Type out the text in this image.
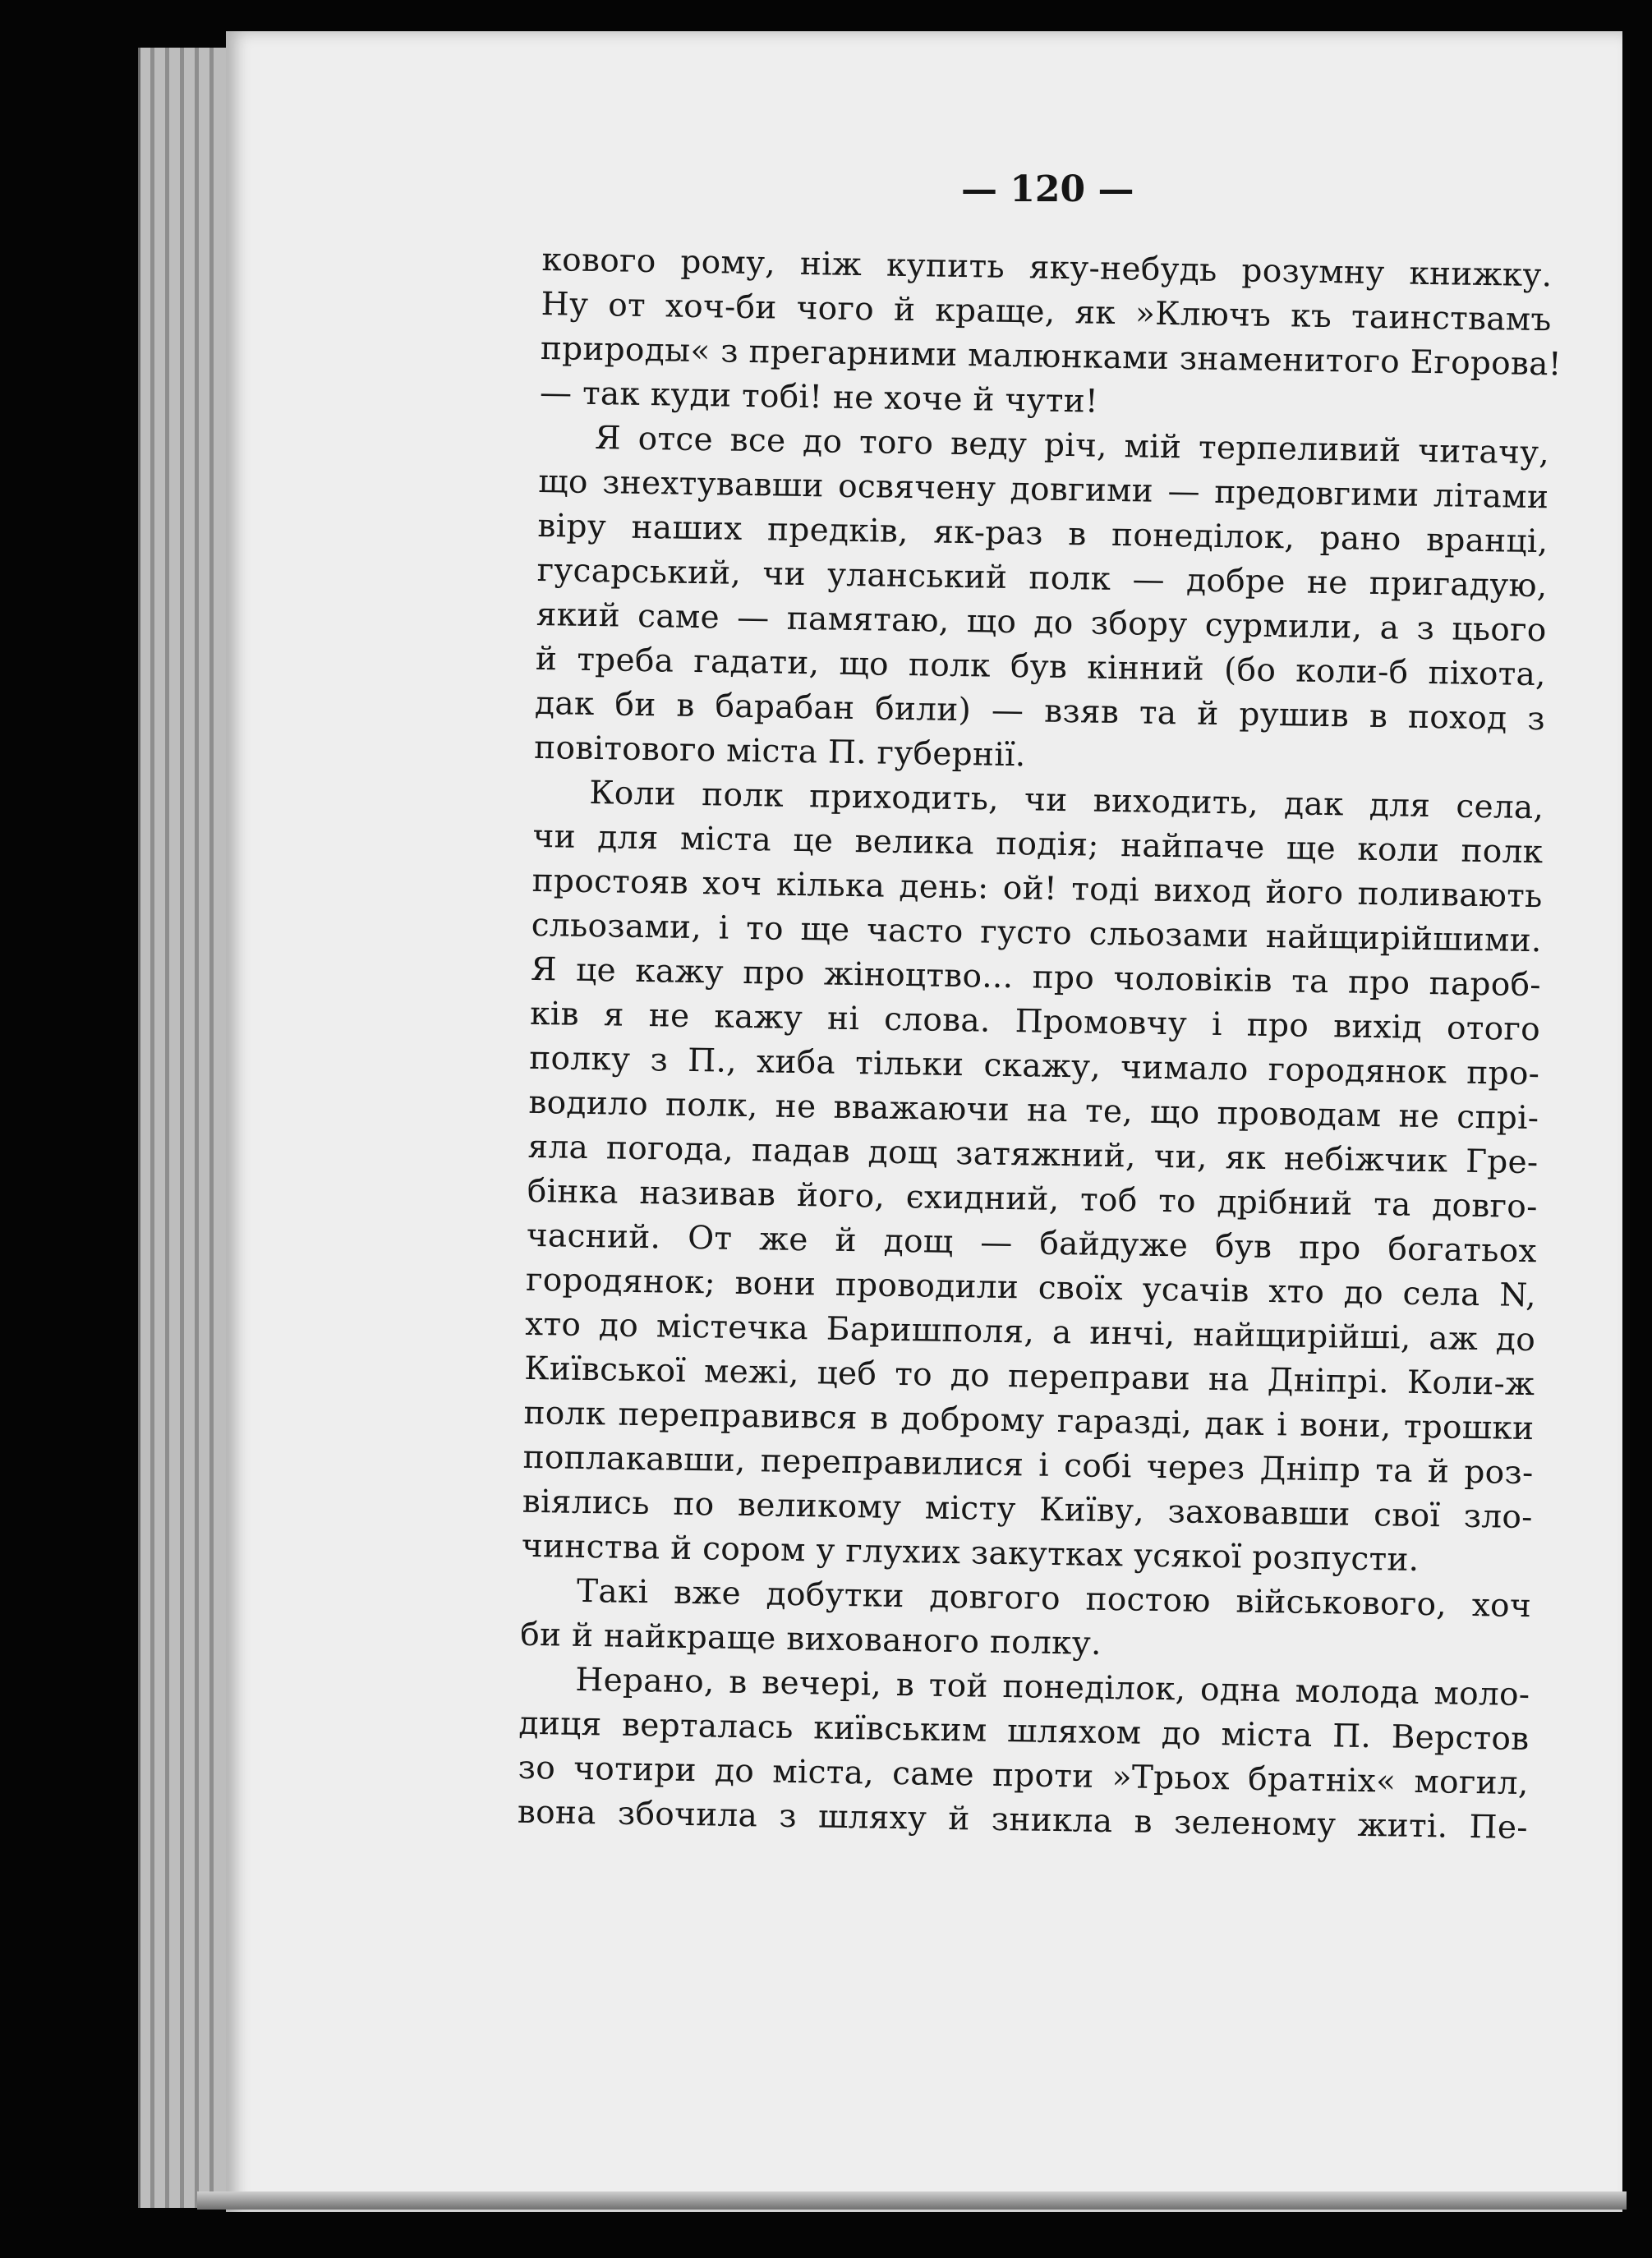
— 120 —
кового рому, ніж купить яку-небудь розумну книжку.
Ну от хоч-би чого й краще, як »Ключъ къ таинствамъ
природы« з прегарними малюнками знаменитого Егорова!
— так куди тобі! не хоче й чути!
Я отсе все до того веду річ, мій терпеливий читачу,
що знехтувавши освячену довгими — предовгими літами
віру наших предків, як-раз в понеділок, рано вранці,
гусарський, чи уланський полк — добре не пригадую,
який саме — памятаю, що до збору сурмили, а з цього
й треба гадати, що полк був кінний (бо коли-б піхота,
дак би в барабан били) — взяв та й рушив в поход з
повітового міста П. губернії.
Коли полк приходить, чи виходить, дак для села,
чи для міста це велика подія; найпаче ще коли полк
простояв хоч кілька день: ой! тоді виход його поливають
сльозами, і то ще часто густо сльозами найщирійшими.
Я це кажу про жіноцтво... про чоловіків та про пароб-
ків я не кажу ні слова. Промовчу і про вихід отого
полку з П., хиба тільки скажу, чимало городянок про-
водило полк, не вважаючи на те, що проводам не спрі-
яла погода, падав дощ затяжний, чи, як небіжчик Гре-
бінка називав його, єхидний, тоб то дрібний та довго-
часний. От же й дощ — байдуже був про богатьох
городянок; вони проводили своїх усачів хто до села N,
хто до містечка Баришполя, а инчі, найщирійші, аж до
Київської межі, цеб то до переправи на Дніпрі. Коли-ж
полк переправився в доброму гаразді, дак і вони, трошки
поплакавши, переправилися і собі через Дніпр та й роз-
віялись по великому місту Київу, заховавши свої зло-
чинства й сором у глухих закутках усякої розпусти.
Такі вже добутки довгого постою військового, хоч
би й найкраще вихованого полку.
Нерано, в вечері, в той понеділок, одна молода моло-
диця верталась київським шляхом до міста П. Верстов
зо чотири до міста, саме проти »Трьох братніх« могил,
вона збочила з шляху й зникла в зеленому житі. Пе-
